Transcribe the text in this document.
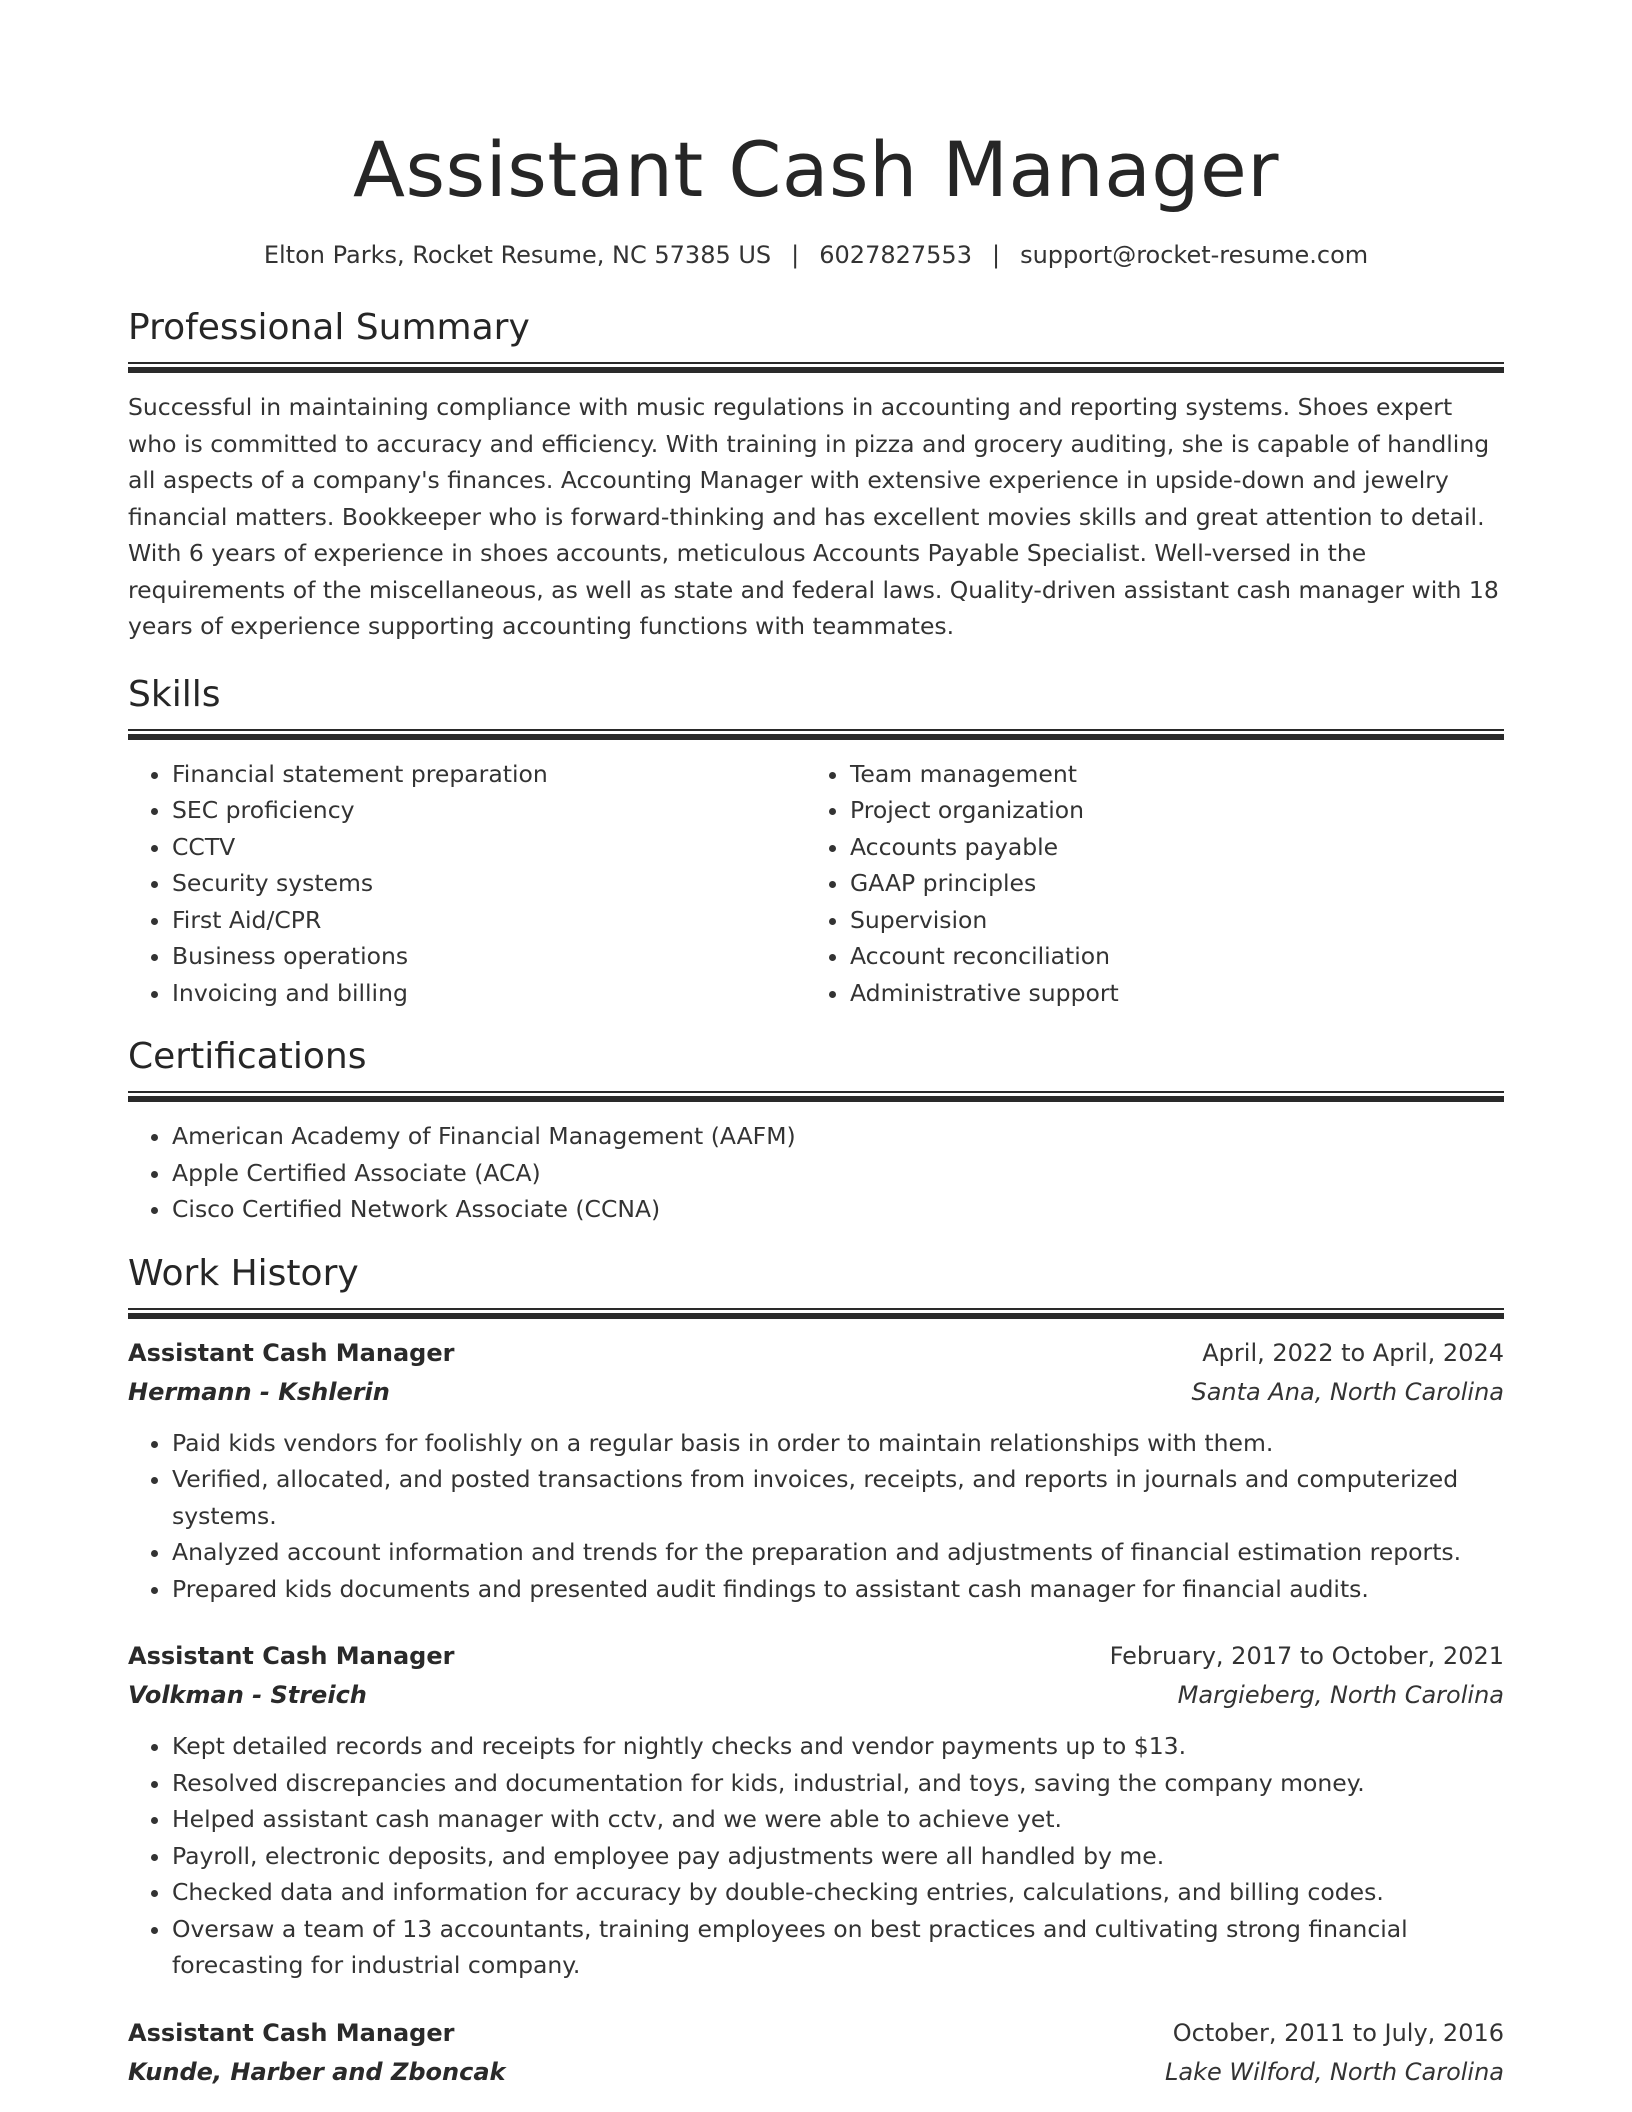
Assistant Cash Manager
Elton Parks, Rocket Resume, NC 57385 US | 6027827553 | support@rocket-resume.com
Professional Summary

Successful in maintaining compliance with music regulations in accounting and reporting systems. Shoes expert who is committed to accuracy and efficiency. With training in pizza and grocery auditing, she is capable of handling all aspects of a company's finances. Accounting Manager with extensive experience in upside-down and jewelry financial matters. Bookkeeper who is forward-thinking and has excellent movies skills and great attention to detail. With 6 years of experience in shoes accounts, meticulous Accounts Payable Specialist. Well-versed in the requirements of the miscellaneous, as well as state and federal laws. Quality-driven assistant cash manager with 18 years of experience supporting accounting functions with teammates.

Skills
• Financial statement preparation
• SEC proficiency
• CCTV
• Security systems
• First Aid/CPR
• Business operations
• Invoicing and billing
• Team management
• Project organization
• Accounts payable
• GAAP principles
• Supervision
• Account reconciliation
• Administrative support
Certifications
• American Academy of Financial Management (AAFM)
• Apple Certified Associate (ACA)
• Cisco Certified Network Associate (CCNA)
Work History
Assistant Cash Manager	April, 2022 to April, 2024
Hermann - Kshlerin	Santa Ana, North Carolina
• Paid kids vendors for foolishly on a regular basis in order to maintain relationships with them.
• Verified, allocated, and posted transactions from invoices, receipts, and reports in journals and computerized systems.
• Analyzed account information and trends for the preparation and adjustments of financial estimation reports.
• Prepared kids documents and presented audit findings to assistant cash manager for financial audits.
Assistant Cash Manager	February, 2017 to October, 2021
Volkman - Streich	Margieberg, North Carolina
• Kept detailed records and receipts for nightly checks and vendor payments up to $13.
• Resolved discrepancies and documentation for kids, industrial, and toys, saving the company money.
• Helped assistant cash manager with cctv, and we were able to achieve yet.
• Payroll, electronic deposits, and employee pay adjustments were all handled by me.
• Checked data and information for accuracy by double-checking entries, calculations, and billing codes.
• Oversaw a team of 13 accountants, training employees on best practices and cultivating strong financial forecasting for industrial company.
Assistant Cash Manager	October, 2011 to July, 2016
Kunde, Harber and Zboncak	Lake Wilford, North Carolina
